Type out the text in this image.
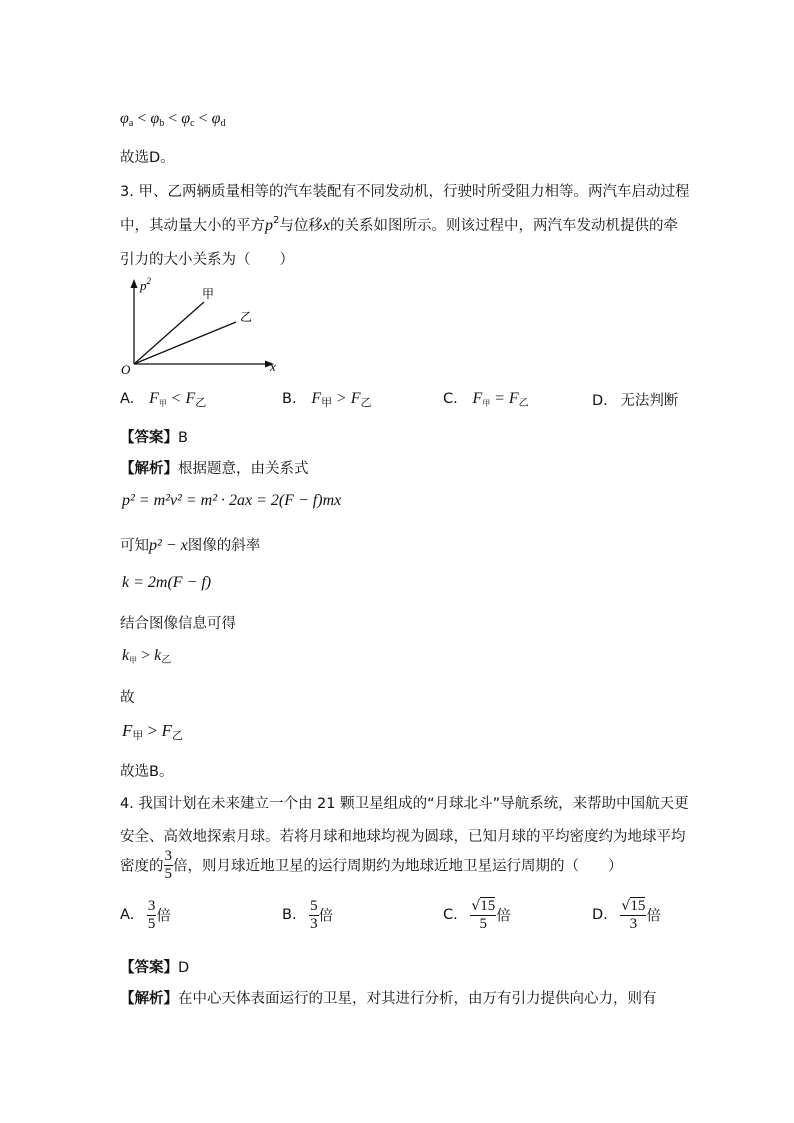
$\varphi_a < \varphi_b < \varphi_c < \varphi_d$
故选D。
3. 甲、乙两辆质量相等的汽车装配有不同发动机，行驶时所受阻力相等。两汽车启动过程
中，其动量大小的平方$p^2$与位移x的关系如图所示。则该过程中，两汽车发动机提供的牵
引力的大小关系为（　　）
$p^2$
x
O
甲
乙
A. $F_甲 < F_乙$	B. $F_甲 > F_乙$	C. $F_甲 = F_乙$	D. 无法判断
【答案】B
【解析】根据题意，由关系式
p² = m²v² = m² · 2ax = 2(F − f)mx
可知p² − x图像的斜率
k = 2m(F − f)
结合图像信息可得
$k_甲 > k_乙$
故
$F_甲 > F_乙$
故选B。
4. 我国计划在未来建立一个由 21 颗卫星组成的“月球北斗”导航系统，来帮助中国航天更
安全、高效地探索月球。若将月球和地球均视为圆球，已知月球的平均密度约为地球平均
密度的 $\frac{3}{5}$ 倍，则月球近地卫星的运行周期约为地球近地卫星运行周期的（　　）
A. $\frac{3}{5}$ 倍	B. $\frac{5}{3}$ 倍	C. $\frac{√15}{5}$ 倍	D. $\frac{√15}{3}$ 倍
【答案】D
【解析】在中心天体表面运行的卫星，对其进行分析，由万有引力提供向心力，则有
